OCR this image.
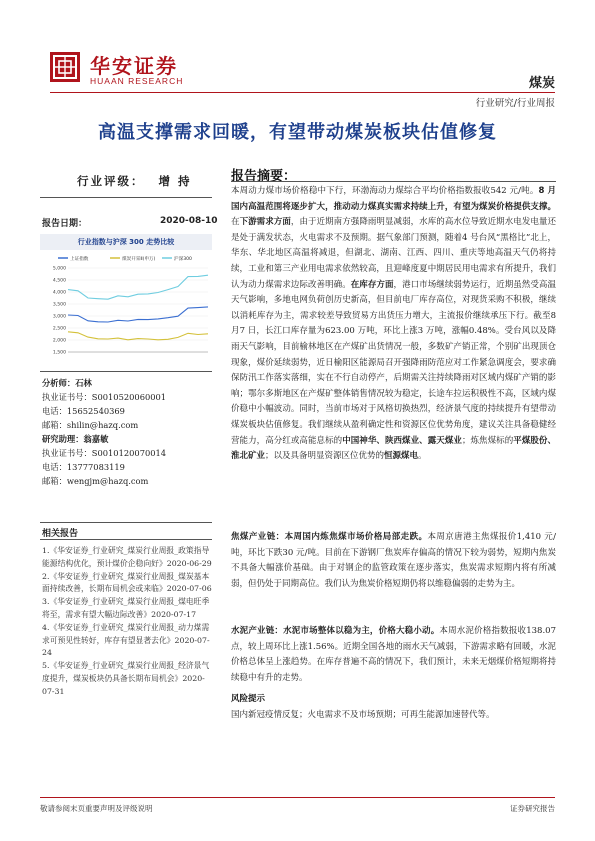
华安证券
HUAAN RESEARCH	煤炭
行业研究/行业周报
高温支撑需求回暖，有望带动煤炭板块估值修复
行业评级： 增 持
报告日期：	2020-08-10
行业指数与沪深 300 走势比较
上证指数	煤炭开采Ⅱ(申万)	沪深300
5,000
4,500
4,000
3,500
3,000
2,500
2,000
1,500
分析师：石林
执业证书号：S0010520060001
电话：15652540369
邮箱：shilin@hazq.com
研究助理：翁嘉敏
执业证书号：S0010120070014
电话：13777083119
邮箱：wengjm@hazq.com
相关报告
1.《华安证券_行业研究_煤炭行业周报_政策指导能源结构优化，预计煤价企稳向好》2020-06-29
2.《华安证券_行业研究_煤炭行业周报_煤炭基本面持续改善，长期布局机会或来临》2020-07-06
3.《华安证券_行业研究_煤炭行业周报_煤电旺季将至，需求有望大幅边际改善》2020-07-17
4.《华安证券_行业研究_煤炭行业周报_动力煤需求可预见性转好，库存有望显著去化》2020-07-24
5.《华安证券_行业研究_煤炭行业周报_经济景气度提升，煤炭板块仍具备长期布局机会》2020-07-31
报告摘要：
本周动力煤市场价格稳中下行，环渤海动力煤综合平均价格指数报收542 元/吨。8 月国内高温范围将逐步扩大，推动动力煤真实需求持续上升，有望为煤炭价格提供支撑。在下游需求方面，由于近期南方强降雨明显减弱，水库的高水位导致近期水电发电量还是处于满发状态，火电需求不及预期。据气象部门预测，随着4 号台风“黑格比”北上，华东、华北地区高温将减退，但湖北、湖南、江西、四川、重庆等地高温天气仍将持续，工业和第三产业用电需求依然较高，且迎峰度夏中期居民用电需求有所提升，我们认为动力煤需求边际改善明确。在库存方面，港口市场继续弱势运行，近期虽然受高温天气影响，多地电网负荷创历史新高，但目前电厂库存高位，对现货采购不积极，继续以消耗库存为主，需求较差导致贸易方出货压力增大，主流报价继续承压下行。截至8 月7 日，长江口库存量为623.00 万吨，环比上涨3 万吨，涨幅0.48%。受台风以及降雨天气影响，目前榆林地区在产煤矿出货情况一般，多数矿产销正常，个别矿出现顶仓现象，煤价延续弱势，近日榆阳区能源局召开强降雨防范应对工作紧急调度会，要求确保防汛工作落实落细，实在不行自动停产，后期需关注持续降雨对区域内煤矿产销的影响；鄂尔多斯地区在产煤矿整体销售情况较为稳定，长途车拉运积极性不高，区域内煤价稳中小幅波动。同时，当前市场对于风格切换热烈，经济景气度的持续提升有望带动煤炭板块估值修复。我们继续从盈利确定性和资源区位优势角度，建议关注具备稳健经营能力，高分红或高能息标的中国神华、陕西煤业、露天煤业；炼焦煤标的平煤股份、淮北矿业；以及具备明显资源区位优势的恒源煤电。
焦煤产业链：本周国内炼焦煤市场价格局部走跌。本周京唐港主焦煤报价1,410 元/吨，环比下跌30 元/吨。目前在下游钢厂焦炭库存偏高的情况下较为弱势，短期内焦炭不具备大幅涨价基础。由于对钢企的监管政策在逐步落实，焦炭需求短期内将有所减弱，但仍处于同期高位。我们认为焦炭价格短期仍将以维稳偏弱的走势为主。
水泥产业链：水泥市场整体以稳为主，价格大稳小动。本周水泥价格指数报收138.07 点，较上周环比上涨1.56%。近期全国各地的雨水天气减弱，下游需求略有回暖，水泥价格总体呈上涨趋势。在库存普遍不高的情况下，我们预计，未来无烟煤价格短期将持续稳中有升的走势。
风险提示
国内新冠疫情反复；火电需求不及市场预期；可再生能源加速替代等。
敬请参阅末页重要声明及评级说明	证券研究报告
